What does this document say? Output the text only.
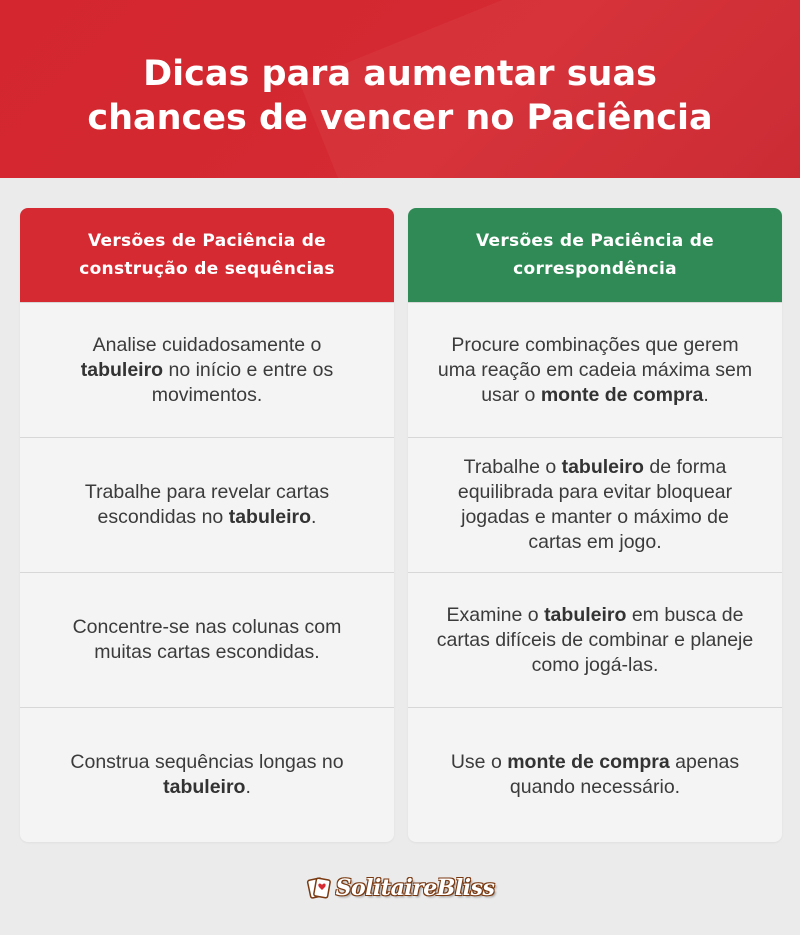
Dicas para aumentar suas
chances de vencer no Paciência
Versões de Paciência de
construção de sequências
Analise cuidadosamente o tabuleiro no início e entre os movimentos.
Trabalhe para revelar cartas escondidas no tabuleiro.
Concentre-se nas colunas com muitas cartas escondidas.
Construa sequências longas no tabuleiro.
Versões de Paciência de
correspondência
Procure combinações que gerem uma reação em cadeia máxima sem usar o monte de compra.
Trabalhe o tabuleiro de forma equilibrada para evitar bloquear jogadas e manter o máximo de cartas em jogo.
Examine o tabuleiro em busca de cartas difíceis de combinar e planeje como jogá-las.
Use o monte de compra apenas quando necessário.
SolitaireBliss
